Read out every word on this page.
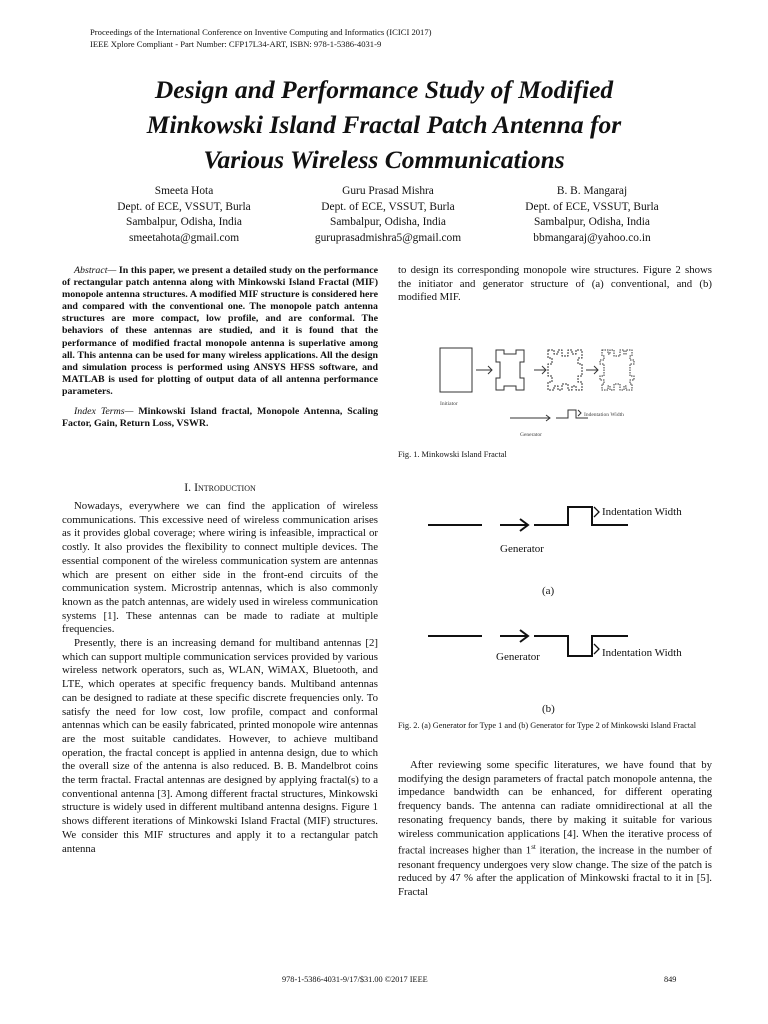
Proceedings of the International Conference on Inventive Computing and Informatics (ICICI 2017)
IEEE Xplore Compliant - Part Number: CFP17L34-ART, ISBN: 978-1-5386-4031-9
Design and Performance Study of Modified
Minkowski Island Fractal Patch Antenna for
Various Wireless Communications
Smeeta Hota
Dept. of ECE, VSSUT, Burla
Sambalpur, Odisha, India
smeetahota@gmail.com
Guru Prasad Mishra
Dept. of ECE, VSSUT, Burla
Sambalpur, Odisha, India
guruprasadmishra5@gmail.com
B. B. Mangaraj
Dept. of ECE, VSSUT, Burla
Sambalpur, Odisha, India
bbmangaraj@yahoo.co.in

Abstract— In this paper, we present a detailed study on the performance of rectangular patch antenna along with Minkowski Island Fractal (MIF) monopole antenna structures. A modified MIF structure is considered here and compared with the conventional one. The monopole patch antenna structures are more compact, low profile, and are conformal. The behaviors of these antennas are studied, and it is found that the performance of modified fractal monopole antenna is superlative among all. This antenna can be used for many wireless applications. All the design and simulation process is performed using ANSYS HFSS software, and MATLAB is used for plotting of output data of all antenna performance parameters.

Index Terms— Minkowski Island fractal, Monopole Antenna, Scaling Factor, Gain, Return Loss, VSWR.

I. Introduction

Nowadays, everywhere we can find the application of wireless communications. This excessive need of wireless communication arises as it provides global coverage; where wiring is infeasible, impractical or costly. It also provides the flexibility to connect multiple devices. The essential component of the wireless communication system are antennas which are present on either side in the front-end circuits of the communication system. Microstrip antennas, which is also commonly known as the patch antennas, are widely used in wireless communication systems [1]. These antennas can be made to radiate at multiple frequencies.

Presently, there is an increasing demand for multiband antennas [2] which can support multiple communication services provided by various wireless network operators, such as, WLAN, WiMAX, Bluetooth, and LTE, which operates at specific frequency bands. Multiband antennas can be designed to radiate at these specific discrete frequencies only. To satisfy the need for low cost, low profile, compact and conformal antennas which can be easily fabricated, printed monopole wire antennas are the most suitable candidates. However, to achieve multiband operation, the fractal concept is applied in antenna design, due to which the overall size of the antenna is also reduced. B. B. Mandelbrot coins the term fractal. Fractal antennas are designed by applying fractal(s) to a conventional antenna [3]. Among different fractal structures, Minkowski structure is widely used in different multiband antenna designs. Figure 1 shows different iterations of Minkowski Island Fractal (MIF) structures. We consider this MIF structures and apply it to a rectangular patch antenna

to design its corresponding monopole wire structures. Figure 2 shows the initiator and generator structure of (a) conventional, and (b) modified MIF.

Initiator
Generator
Indentation Width
Fig. 1. Minkowski Island Fractal
Generator
Indentation Width
(a)
Generator	Indentation Width
(b)
Fig. 2. (a) Generator for Type 1 and (b) Generator for Type 2 of Minkowski Island Fractal

After reviewing some specific literatures, we have found that by modifying the design parameters of fractal patch monopole antenna, the impedance bandwidth can be enhanced, for different operating frequency bands. The antenna can radiate omnidirectional at all the resonating frequency bands, there by making it suitable for various wireless communication applications [4]. When the iterative process of fractal increases higher than 1st iteration, the increase in the number of resonant frequency undergoes very slow change. The size of the patch is reduced by 47 % after the application of Minkowski fractal to it in [5]. Fractal

978-1-5386-4031-9/17/$31.00 ©2017 IEEE	849
